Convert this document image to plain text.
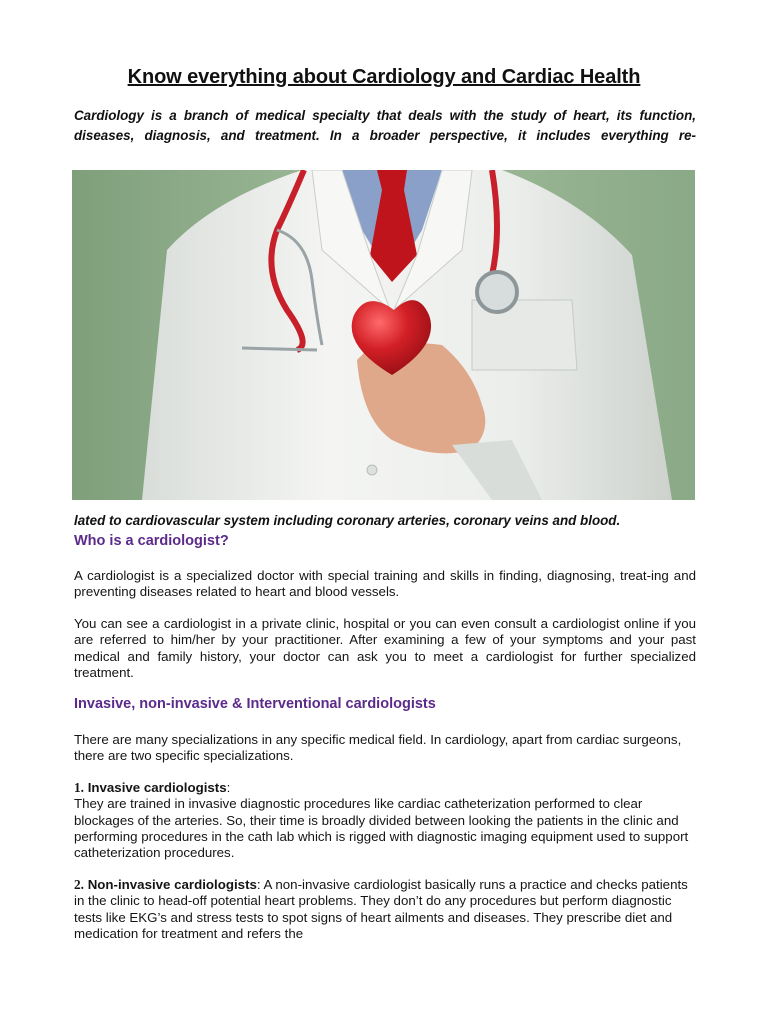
Know everything about Cardiology and Cardiac Health

Cardiology is a branch of medical specialty that deals with the study of heart, its function,

diseases, diagnosis, and treatment. In a broader perspective, it includes everything re-

lated to cardiovascular system including coronary arteries, coronary veins and blood.

Who is a cardiologist?

A cardiologist is a specialized doctor with special training and skills in finding, diagnosing, treat-ing and preventing diseases related to heart and blood vessels.

You can see a cardiologist in a private clinic, hospital or you can even consult a cardiologist online if you are referred to him/her by your practitioner. After examining a few of your symptoms and your past medical and family history, your doctor can ask you to meet a cardiologist for further specialized treatment.

Invasive, non-invasive & Interventional cardiologists

There are many specializations in any specific medical field. In cardiology, apart from cardiac surgeons, there are two specific specializations.

1. Invasive cardiologists:
They are trained in invasive diagnostic procedures like cardiac catheterization performed to clear blockages of the arteries. So, their time is broadly divided between looking the patients in the clinic and performing procedures in the cath lab which is rigged with diagnostic imaging equipment used to support catheterization procedures.
2. Non-invasive cardiologists: A non-invasive cardiologist basically runs a practice and checks patients in the clinic to head-off potential heart problems. They don’t do any procedures but perform diagnostic tests like EKG’s and stress tests to spot signs of heart ailments and diseases. They prescribe diet and medication for treatment and refers the
